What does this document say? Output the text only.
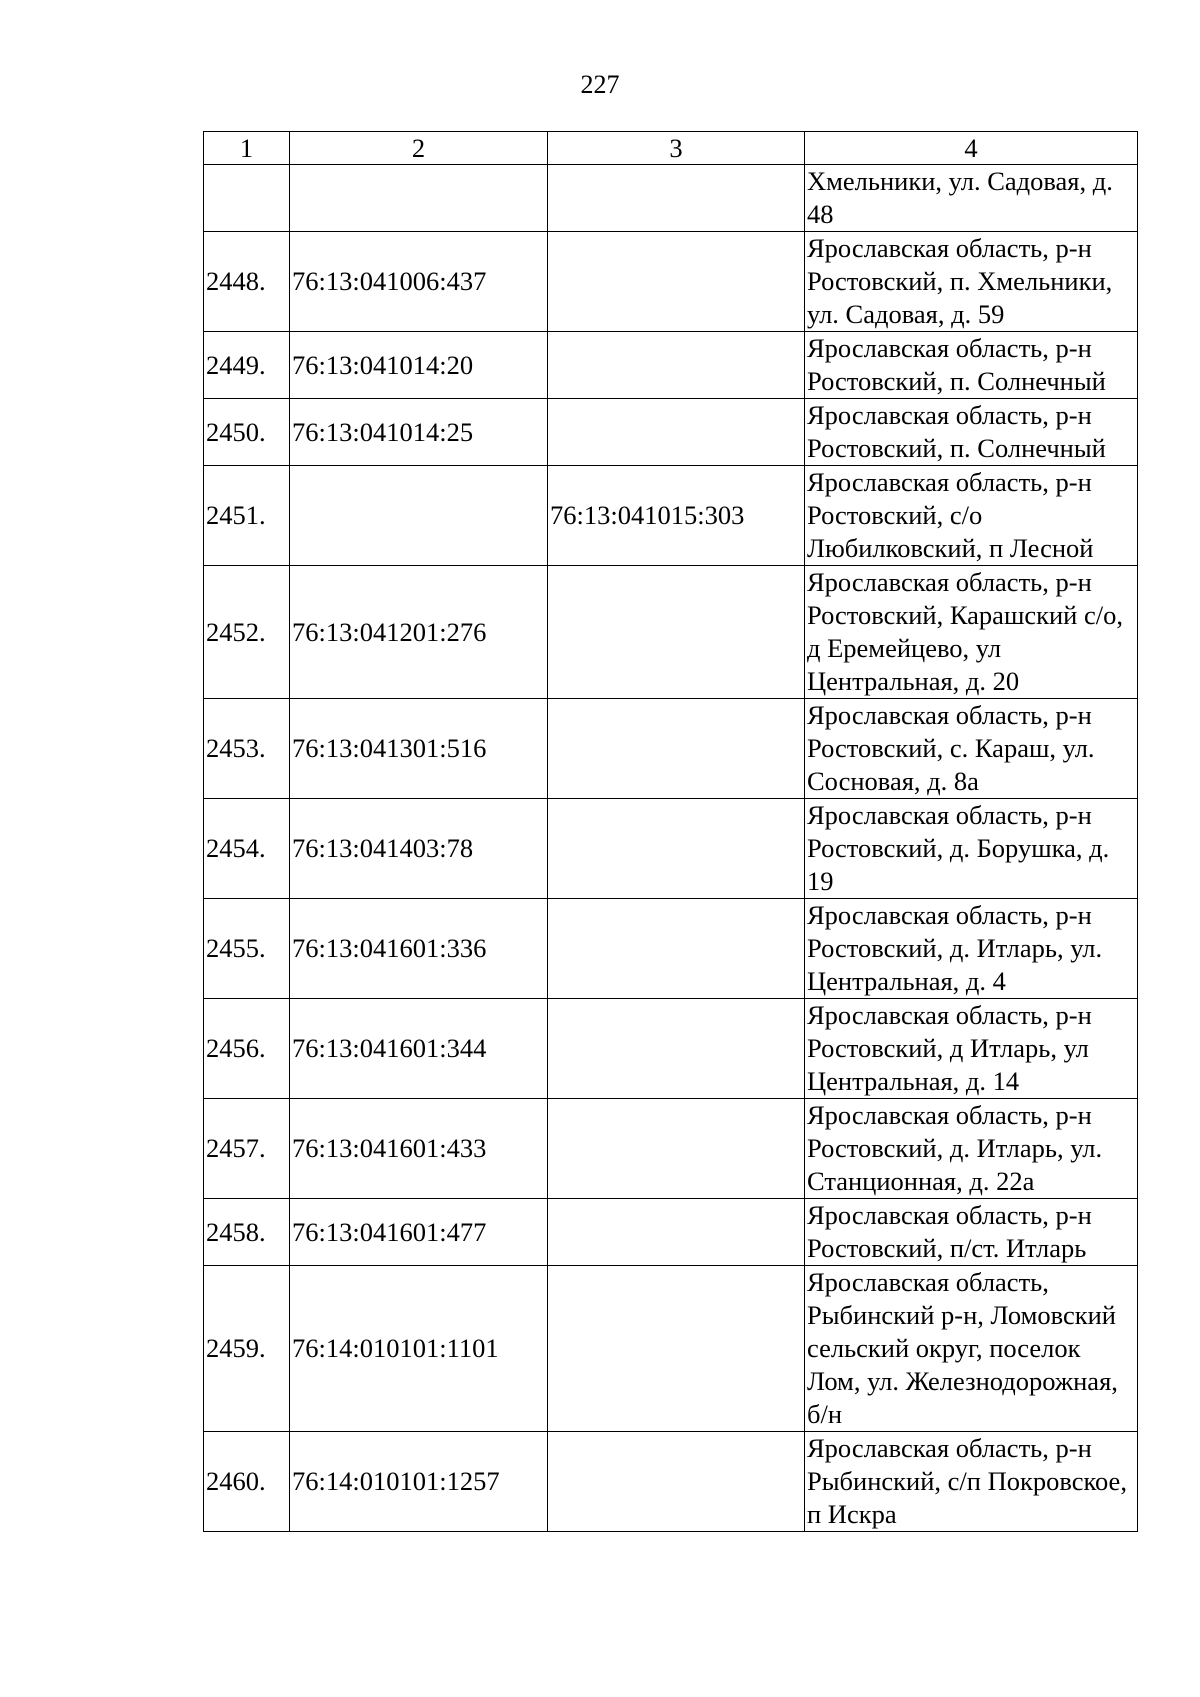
227
1	2	3	4
			Хмельники, ул. Садовая, д. 48
2448.	76:13:041006:437		Ярославская область, р-н Ростовский, п. Хмельники, ул. Садовая, д. 59
2449.	76:13:041014:20		Ярославская область, р-н Ростовский, п. Солнечный
2450.	76:13:041014:25		Ярославская область, р-н Ростовский, п. Солнечный
2451.		76:13:041015:303	Ярославская область, р-н Ростовский, с/о Любилковский, п Лесной
2452.	76:13:041201:276		Ярославская область, р-н Ростовский, Карашский с/о, д Еремейцево, ул Центральная, д. 20
2453.	76:13:041301:516		Ярославская область, р-н Ростовский, с. Караш, ул. Сосновая, д. 8а
2454.	76:13:041403:78		Ярославская область, р-н Ростовский, д. Борушка, д. 19
2455.	76:13:041601:336		Ярославская область, р-н Ростовский, д. Итларь, ул. Центральная, д. 4
2456.	76:13:041601:344		Ярославская область, р-н Ростовский, д Итларь, ул Центральная, д. 14
2457.	76:13:041601:433		Ярославская область, р-н Ростовский, д. Итларь, ул. Станционная, д. 22а
2458.	76:13:041601:477		Ярославская область, р-н Ростовский, п/ст. Итларь
2459.	76:14:010101:1101		Ярославская область, Рыбинский р-н, Ломовский сельский округ, поселок Лом, ул. Железнодорожная, б/н
2460.	76:14:010101:1257		Ярославская область, р-н Рыбинский, с/п Покровское, п Искра
